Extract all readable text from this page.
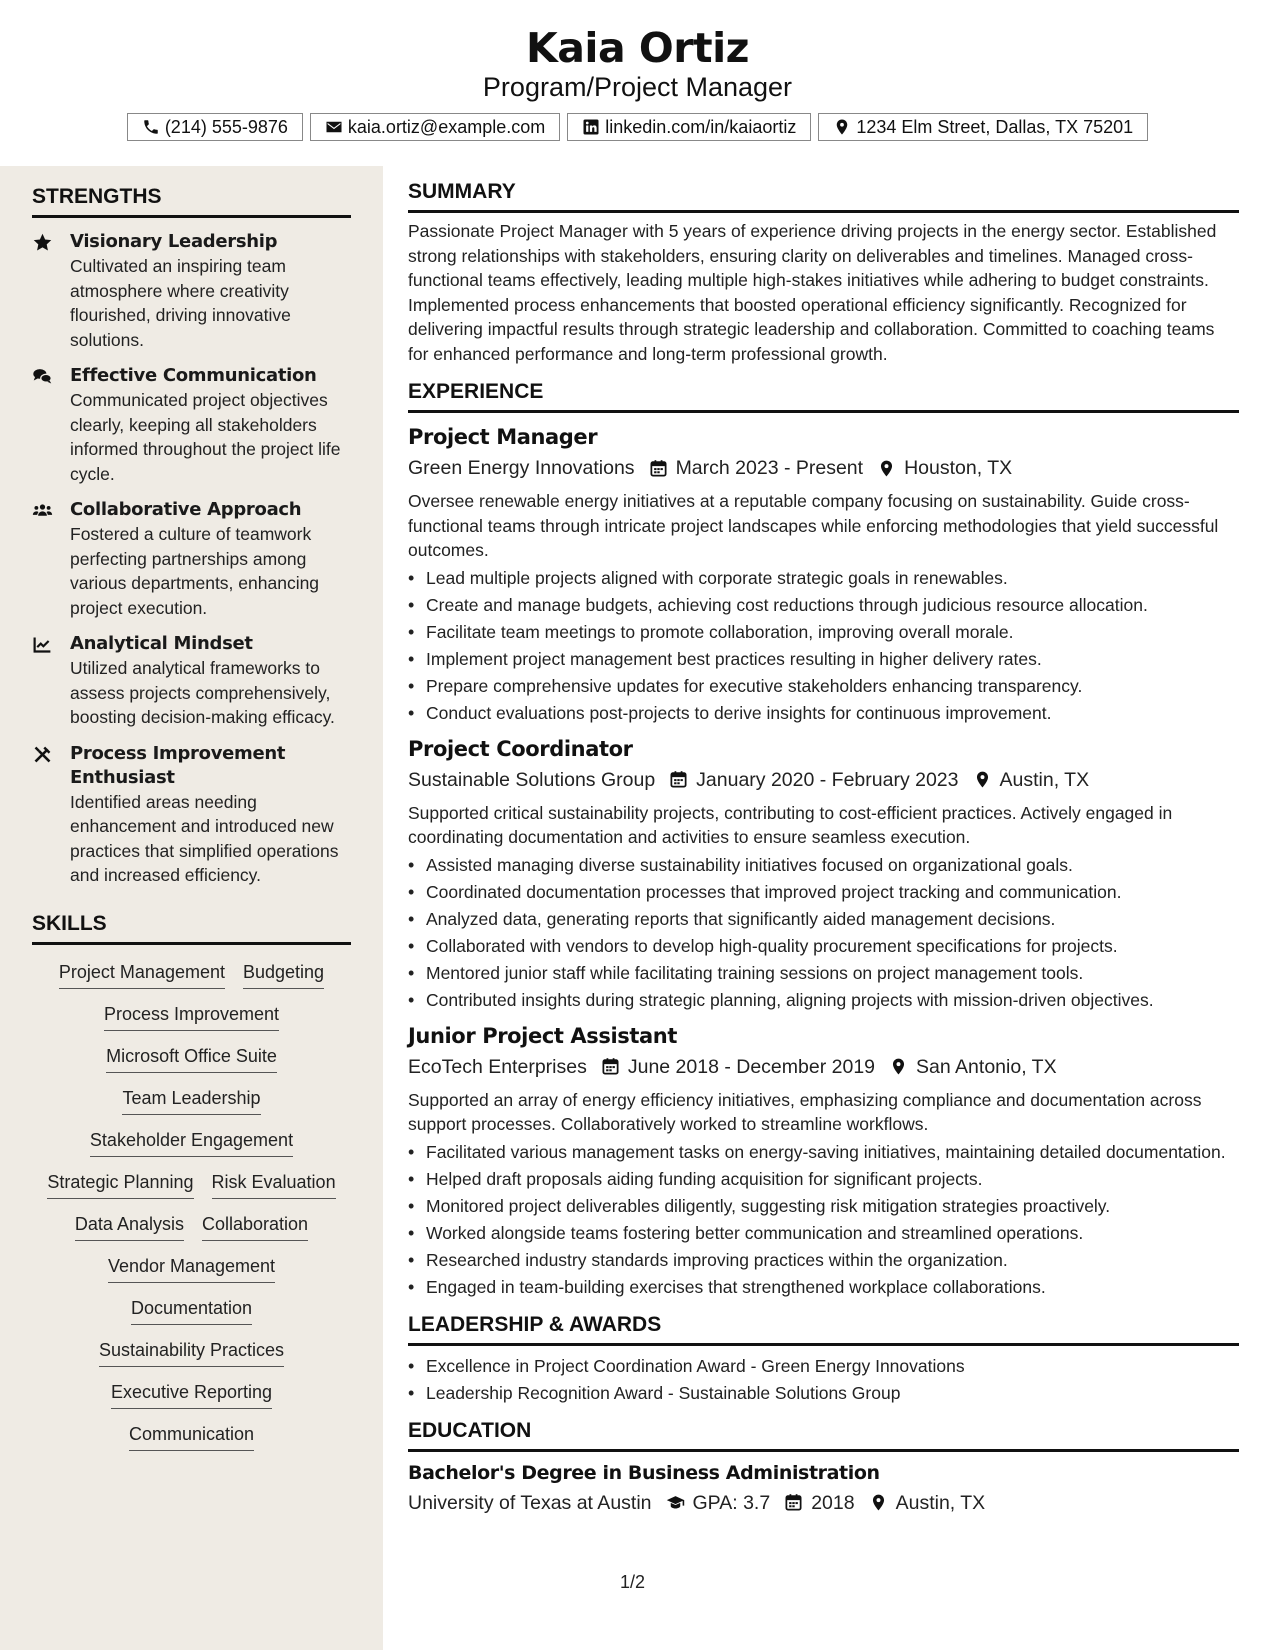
Kaia Ortiz
Program/Project Manager
(214) 555-9876	kaia.ortiz@example.com	linkedin.com/in/kaiaortiz	1234 Elm Street, Dallas, TX 75201
STRENGTHS
Visionary Leadership
Cultivated an inspiring team atmosphere where creativity flourished, driving innovative solutions.
Effective Communication
Communicated project objectives clearly, keeping all stakeholders informed throughout the project life cycle.
Collaborative Approach
Fostered a culture of teamwork perfecting partnerships among various departments, enhancing project execution.
Analytical Mindset
Utilized analytical frameworks to assess projects comprehensively, boosting decision-making efficacy.
Process Improvement Enthusiast
Identified areas needing enhancement and introduced new practices that simplified operations and increased efficiency.
SKILLS
Project Management Budgeting
Process Improvement
Microsoft Office Suite
Team Leadership
Stakeholder Engagement
Strategic Planning Risk Evaluation
Data Analysis Collaboration
Vendor Management
Documentation
Sustainability Practices
Executive Reporting
Communication
SUMMARY
Passionate Project Manager with 5 years of experience driving projects in the energy sector. Established strong relationships with stakeholders, ensuring clarity on deliverables and timelines. Managed cross-functional teams effectively, leading multiple high-stakes initiatives while adhering to budget constraints. Implemented process enhancements that boosted operational efficiency significantly. Recognized for delivering impactful results through strategic leadership and collaboration. Committed to coaching teams for enhanced performance and long-term professional growth.
EXPERIENCE
Project Manager
Green Energy Innovations March 2023 - Present Houston, TX
Oversee renewable energy initiatives at a reputable company focusing on sustainability. Guide cross-functional teams through intricate project landscapes while enforcing methodologies that yield successful outcomes.
• Lead multiple projects aligned with corporate strategic goals in renewables.
• Create and manage budgets, achieving cost reductions through judicious resource allocation.
• Facilitate team meetings to promote collaboration, improving overall morale.
• Implement project management best practices resulting in higher delivery rates.
• Prepare comprehensive updates for executive stakeholders enhancing transparency.
• Conduct evaluations post-projects to derive insights for continuous improvement.
Project Coordinator
Sustainable Solutions Group January 2020 - February 2023 Austin, TX
Supported critical sustainability projects, contributing to cost-efficient practices. Actively engaged in coordinating documentation and activities to ensure seamless execution.
• Assisted managing diverse sustainability initiatives focused on organizational goals.
• Coordinated documentation processes that improved project tracking and communication.
• Analyzed data, generating reports that significantly aided management decisions.
• Collaborated with vendors to develop high-quality procurement specifications for projects.
• Mentored junior staff while facilitating training sessions on project management tools.
• Contributed insights during strategic planning, aligning projects with mission-driven objectives.
Junior Project Assistant
EcoTech Enterprises June 2018 - December 2019 San Antonio, TX
Supported an array of energy efficiency initiatives, emphasizing compliance and documentation across support processes. Collaboratively worked to streamline workflows.
• Facilitated various management tasks on energy-saving initiatives, maintaining detailed documentation.
• Helped draft proposals aiding funding acquisition for significant projects.
• Monitored project deliverables diligently, suggesting risk mitigation strategies proactively.
• Worked alongside teams fostering better communication and streamlined operations.
• Researched industry standards improving practices within the organization.
• Engaged in team-building exercises that strengthened workplace collaborations.
LEADERSHIP & AWARDS
• Excellence in Project Coordination Award - Green Energy Innovations
• Leadership Recognition Award - Sustainable Solutions Group
EDUCATION
Bachelor's Degree in Business Administration
University of Texas at Austin GPA: 3.7 2018 Austin, TX
1/2
